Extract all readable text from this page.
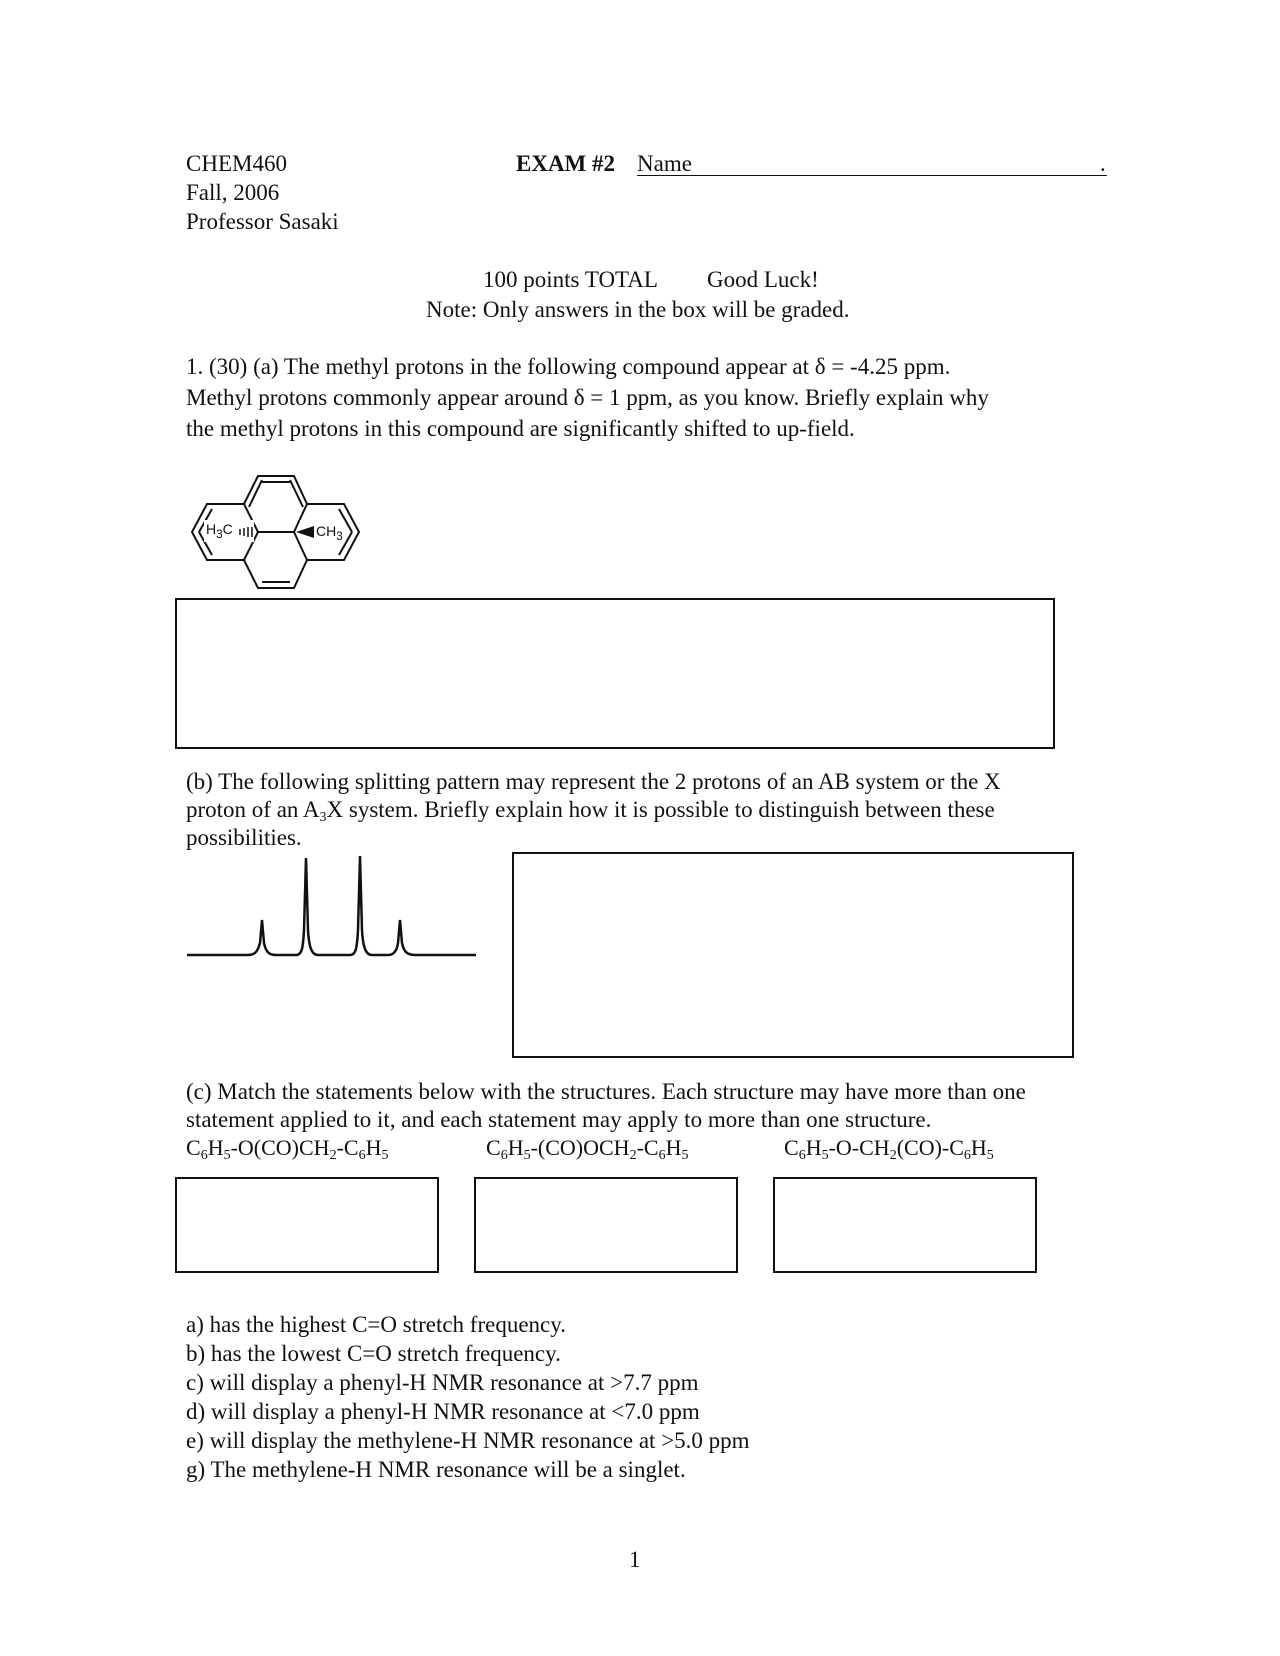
CHEM460
Fall, 2006
Professor Sasaki
EXAM #2 Name	.
100 points TOTAL Good Luck!
Note: Only answers in the box will be graded.
1. (30) (a) The methyl protons in the following compound appear at δ = -4.25 ppm.
Methyl protons commonly appear around δ = 1 ppm, as you know. Briefly explain why
the methyl protons in this compound are significantly shifted to up-field.
$H_3C$	$CH_3$
(b) The following splitting pattern may represent the 2 protons of an AB system or the X
proton of an $A_3X$ system. Briefly explain how it is possible to distinguish between these
possibilities.
(c) Match the statements below with the structures. Each structure may have more than one
statement applied to it, and each statement may apply to more than one structure.
$C_6H_5-O(CO)CH_2-C_6H_5$	$C_6H_5-(CO)OCH_2-C_6H_5$	$C_6H_5-O-CH_2(CO)-C_6H_5$
a) has the highest C=O stretch frequency.
b) has the lowest C=O stretch frequency.
c) will display a phenyl-H NMR resonance at >7.7 ppm
d) will display a phenyl-H NMR resonance at <7.0 ppm
e) will display the methylene-H NMR resonance at >5.0 ppm
g) The methylene-H NMR resonance will be a singlet.
1
